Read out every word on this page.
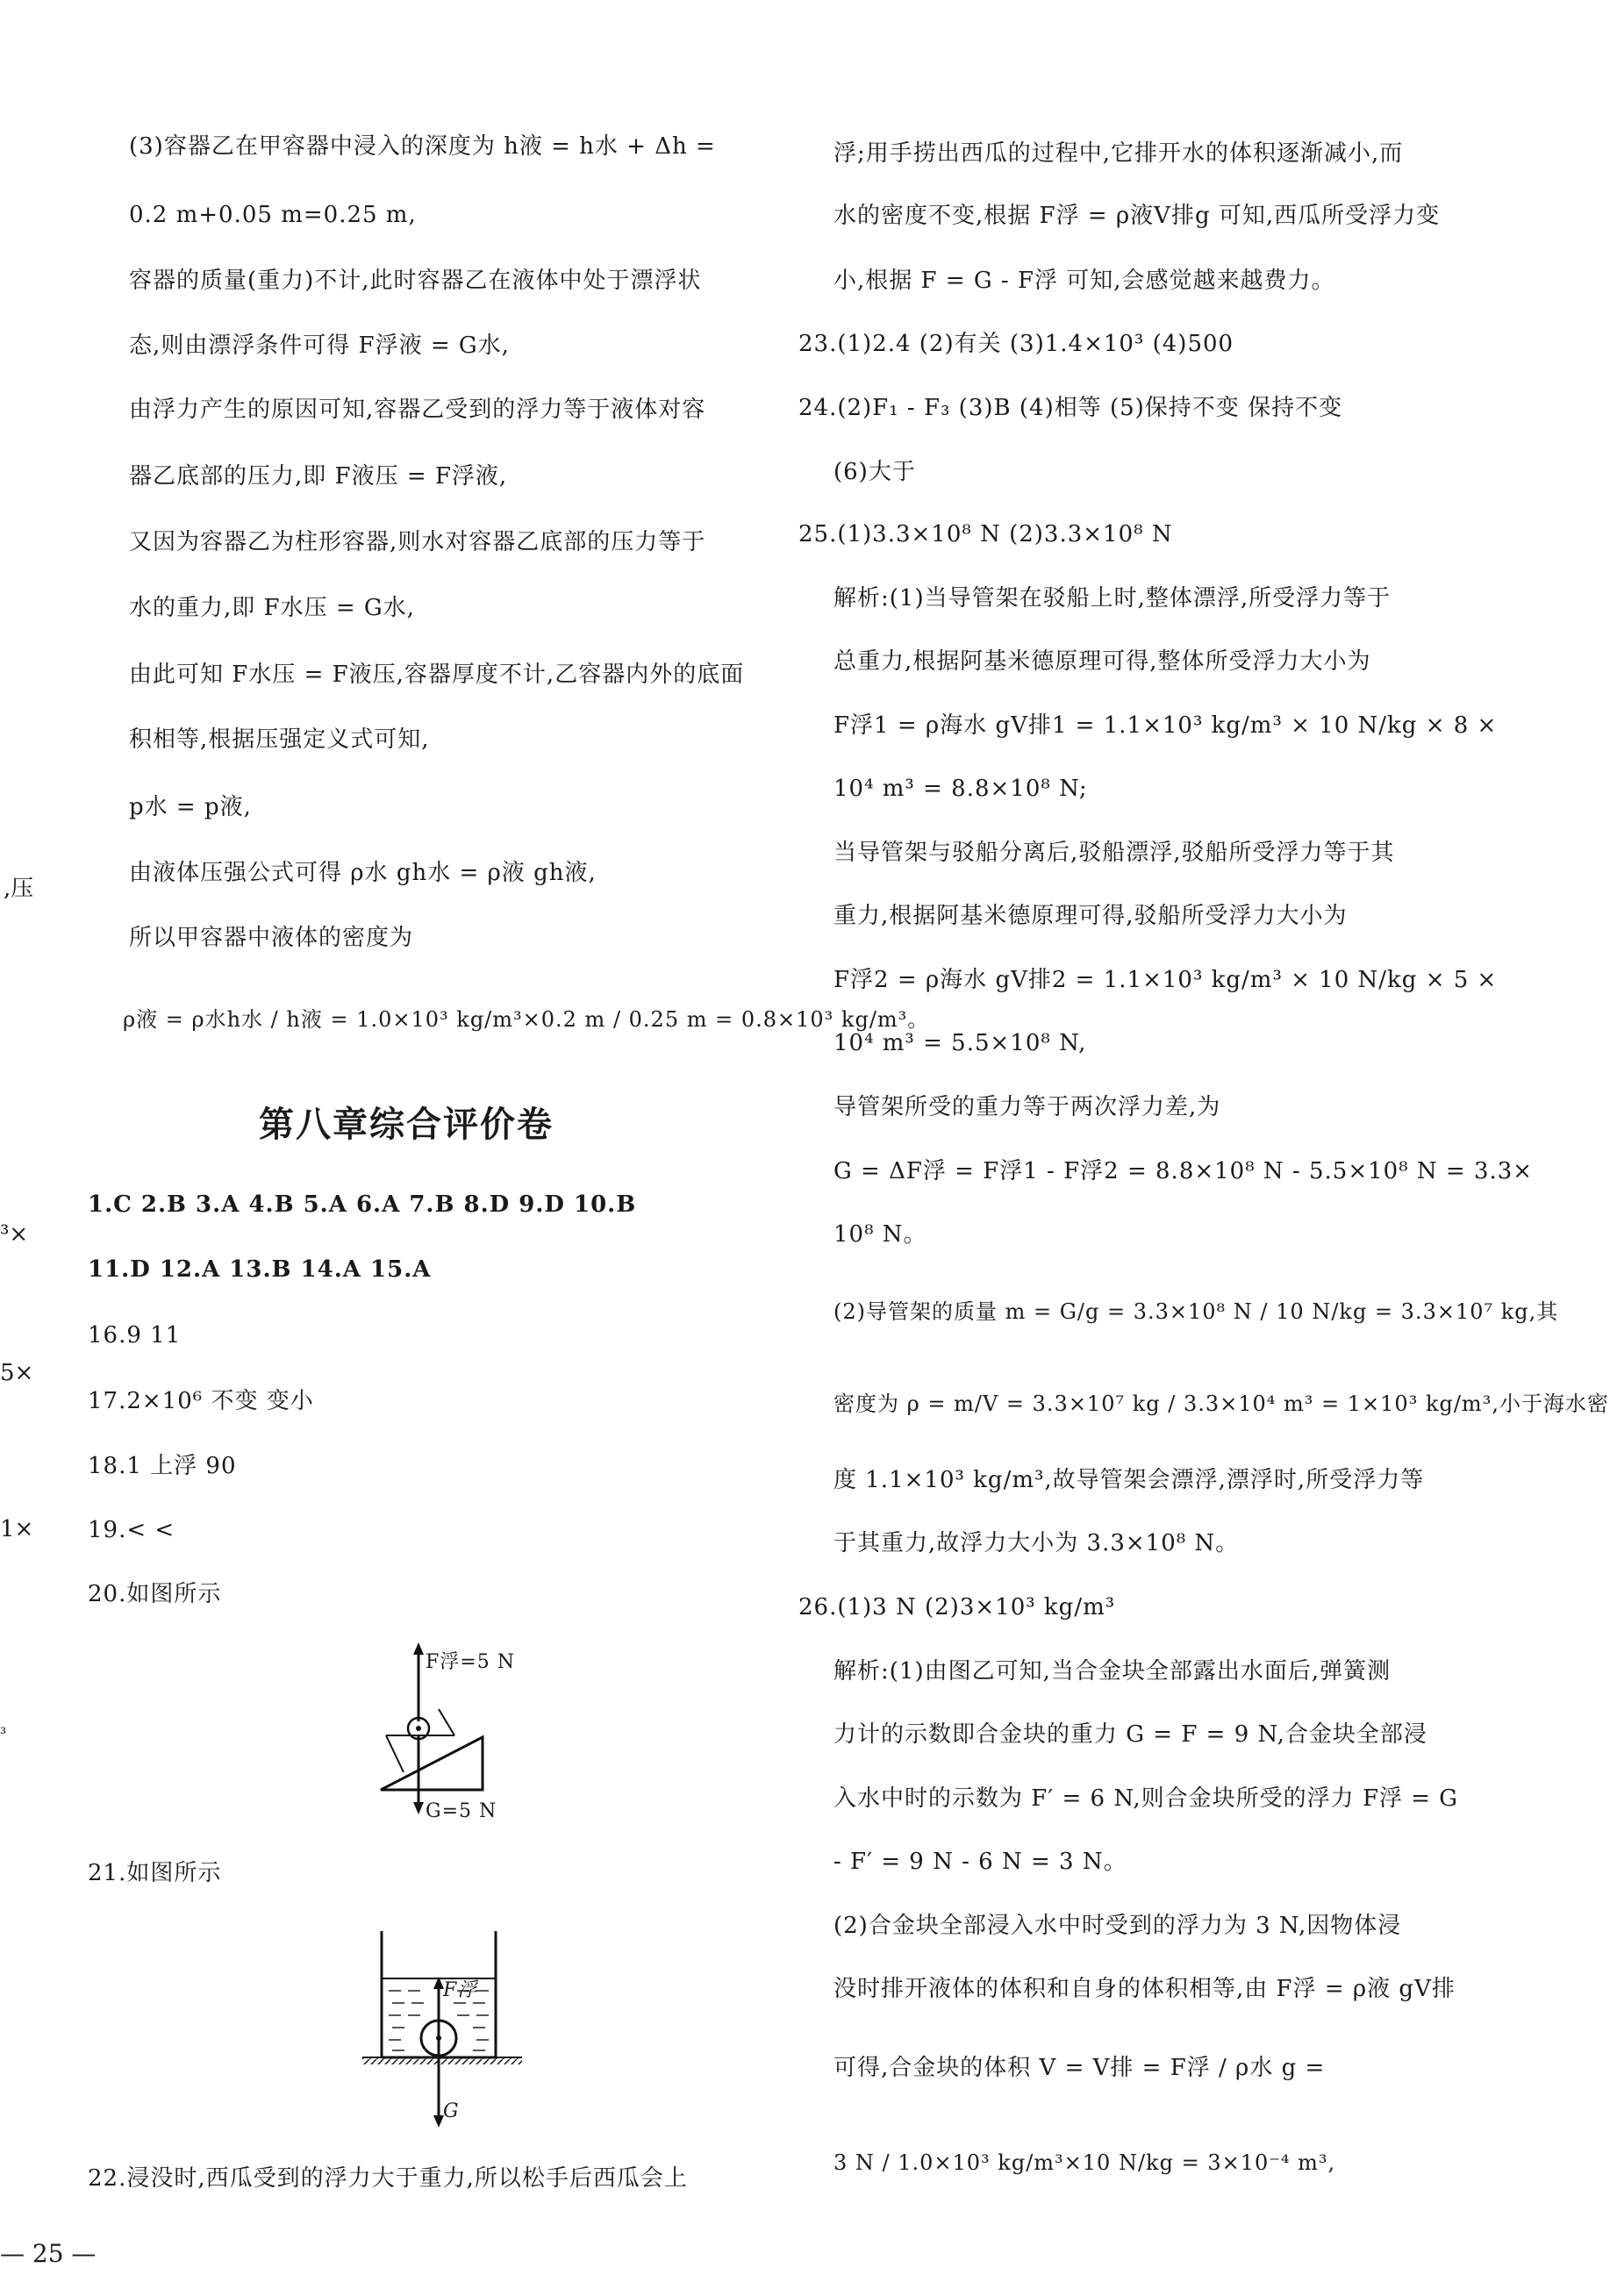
,压
³×
5×
1×
³
(3)容器乙在甲容器中浸入的深度为 h液 = h水 + Δh =
0.2 m+0.05 m=0.25 m,
容器的质量(重力)不计,此时容器乙在液体中处于漂浮状
态,则由漂浮条件可得 F浮液 = G水,
由浮力产生的原因可知,容器乙受到的浮力等于液体对容
器乙底部的压力,即 F液压 = F浮液,
又因为容器乙为柱形容器,则水对容器乙底部的压力等于
水的重力,即 F水压 = G水,
由此可知 F水压 = F液压,容器厚度不计,乙容器内外的底面
积相等,根据压强定义式可知,
p水 = p液,
由液体压强公式可得 ρ水 gh水 = ρ液 gh液,
所以甲容器中液体的密度为
ρ液 = ρ水h水 / h液 = 1.0×10³ kg/m³×0.2 m / 0.25 m = 0.8×10³ kg/m³。
第八章综合评价卷
1.C 2.B 3.A 4.B 5.A 6.A 7.B 8.D 9.D 10.B
11.D 12.A 13.B 14.A 15.A
16.9 11
17.2×10⁶ 不变 变小
18.1 上浮 90
19.< <
20.如图所示
21.如图所示
22.浸没时,西瓜受到的浮力大于重力,所以松手后西瓜会上
F浮=5 N
G=5 N
F浮
G
浮;用手捞出西瓜的过程中,它排开水的体积逐渐减小,而
水的密度不变,根据 F浮 = ρ液V排g 可知,西瓜所受浮力变
小,根据 F = G - F浮 可知,会感觉越来越费力。
23.(1)2.4 (2)有关 (3)1.4×10³ (4)500
24.(2)F₁ - F₃ (3)B (4)相等 (5)保持不变 保持不变
(6)大于
25.(1)3.3×10⁸ N (2)3.3×10⁸ N
解析:(1)当导管架在驳船上时,整体漂浮,所受浮力等于
总重力,根据阿基米德原理可得,整体所受浮力大小为
F浮1 = ρ海水 gV排1 = 1.1×10³ kg/m³ × 10 N/kg × 8 ×
10⁴ m³ = 8.8×10⁸ N;
当导管架与驳船分离后,驳船漂浮,驳船所受浮力等于其
重力,根据阿基米德原理可得,驳船所受浮力大小为
F浮2 = ρ海水 gV排2 = 1.1×10³ kg/m³ × 10 N/kg × 5 ×
10⁴ m³ = 5.5×10⁸ N,
导管架所受的重力等于两次浮力差,为
G = ΔF浮 = F浮1 - F浮2 = 8.8×10⁸ N - 5.5×10⁸ N = 3.3×
10⁸ N。
(2)导管架的质量 m = G/g = 3.3×10⁸ N / 10 N/kg = 3.3×10⁷ kg,其
密度为 ρ = m/V = 3.3×10⁷ kg / 3.3×10⁴ m³ = 1×10³ kg/m³,小于海水密
度 1.1×10³ kg/m³,故导管架会漂浮,漂浮时,所受浮力等
于其重力,故浮力大小为 3.3×10⁸ N。
26.(1)3 N (2)3×10³ kg/m³
解析:(1)由图乙可知,当合金块全部露出水面后,弹簧测
力计的示数即合金块的重力 G = F = 9 N,合金块全部浸
入水中时的示数为 F′ = 6 N,则合金块所受的浮力 F浮 = G
- F′ = 9 N - 6 N = 3 N。
(2)合金块全部浸入水中时受到的浮力为 3 N,因物体浸
没时排开液体的体积和自身的体积相等,由 F浮 = ρ液 gV排
可得,合金块的体积 V = V排 = F浮 / ρ水 g =
3 N / 1.0×10³ kg/m³×10 N/kg = 3×10⁻⁴ m³,
— 25 —
